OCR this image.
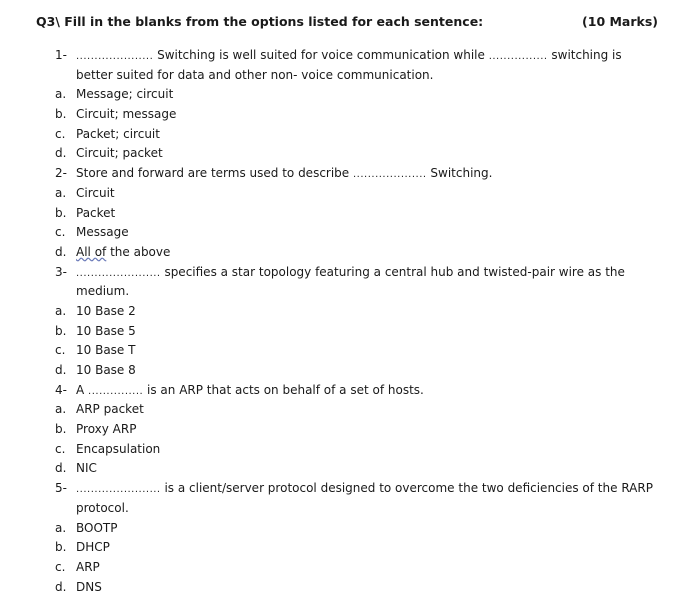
Q3\ Fill in the blanks from the options listed for each sentence:	(10 Marks)
1- ..................... Switching is well suited for voice communication while ................ switching is
better suited for data and other non- voice communication.
a. Message; circuit
b. Circuit; message
c. Packet; circuit
d. Circuit; packet
2- Store and forward are terms used to describe .................... Switching.
a. Circuit
b. Packet
c. Message
d. All of the above
3- ....................... specifies a star topology featuring a central hub and twisted-pair wire as the
medium.
a. 10 Base 2
b. 10 Base 5
c. 10 Base T
d. 10 Base 8
4- A ............... is an ARP that acts on behalf of a set of hosts.
a. ARP packet
b. Proxy ARP
c. Encapsulation
d. NIC
5- ....................... is a client/server protocol designed to overcome the two deficiencies of the RARP
protocol.
a. BOOTP
b. DHCP
c. ARP
d. DNS
